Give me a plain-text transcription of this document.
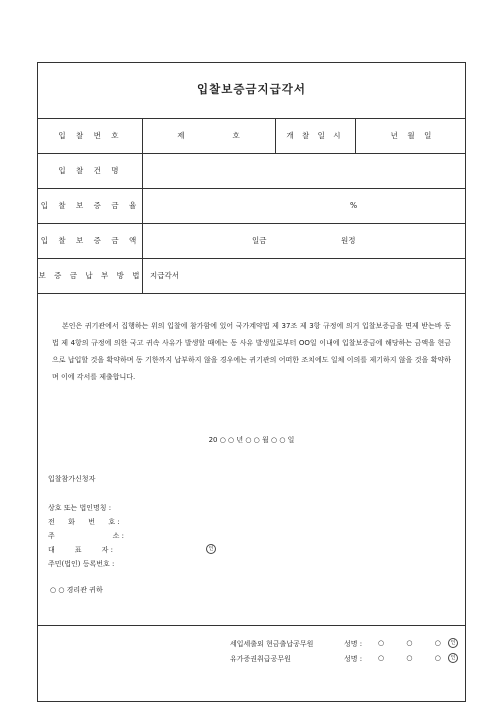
입찰보증금지급각서
입 찰 번 호	제	호	개 찰 일 시	년    월    일
입 찰 건 명
입 찰 보 증 금 율	%
입 찰 보 증 금 액	일금	원정
보 증 금 납 부 방 법 지급각서
본인은 귀기관에서 집행하는 위의 입찰에 참가함에 있어 국가계약법 제 37조 제 3항 규정에 의거 입찰보증금을 면제 받는바 동법 제 4항의 규정에 의한 국고 귀속 사유가 발생할 때에는 동 사유 발생일로부터 OO일 이내에 입찰보증금에 해당하는 금액을 현금으로 납입할 것을 확약하며 동 기한까지 납부하지 않을 경우에는 귀기관의 어떠한 조치에도 일체 이의를 제기하지 않을 것을 확약하며 이에 각서를 제출합니다.
20 ○ ○ 년 ○ ○ 월 ○ ○ 일
입찰참가신청자
상호 또는 법인명칭 :
전      화      번      호 :
주                          소 :
대         표         자 :	인
주민(법인) 등록번호 :
○ ○ 경리관 귀하
세입세출외 현금출납공무원	성명 : ○          ○          ○	인
유가증권취급공무원	성명 : ○          ○          ○	인
